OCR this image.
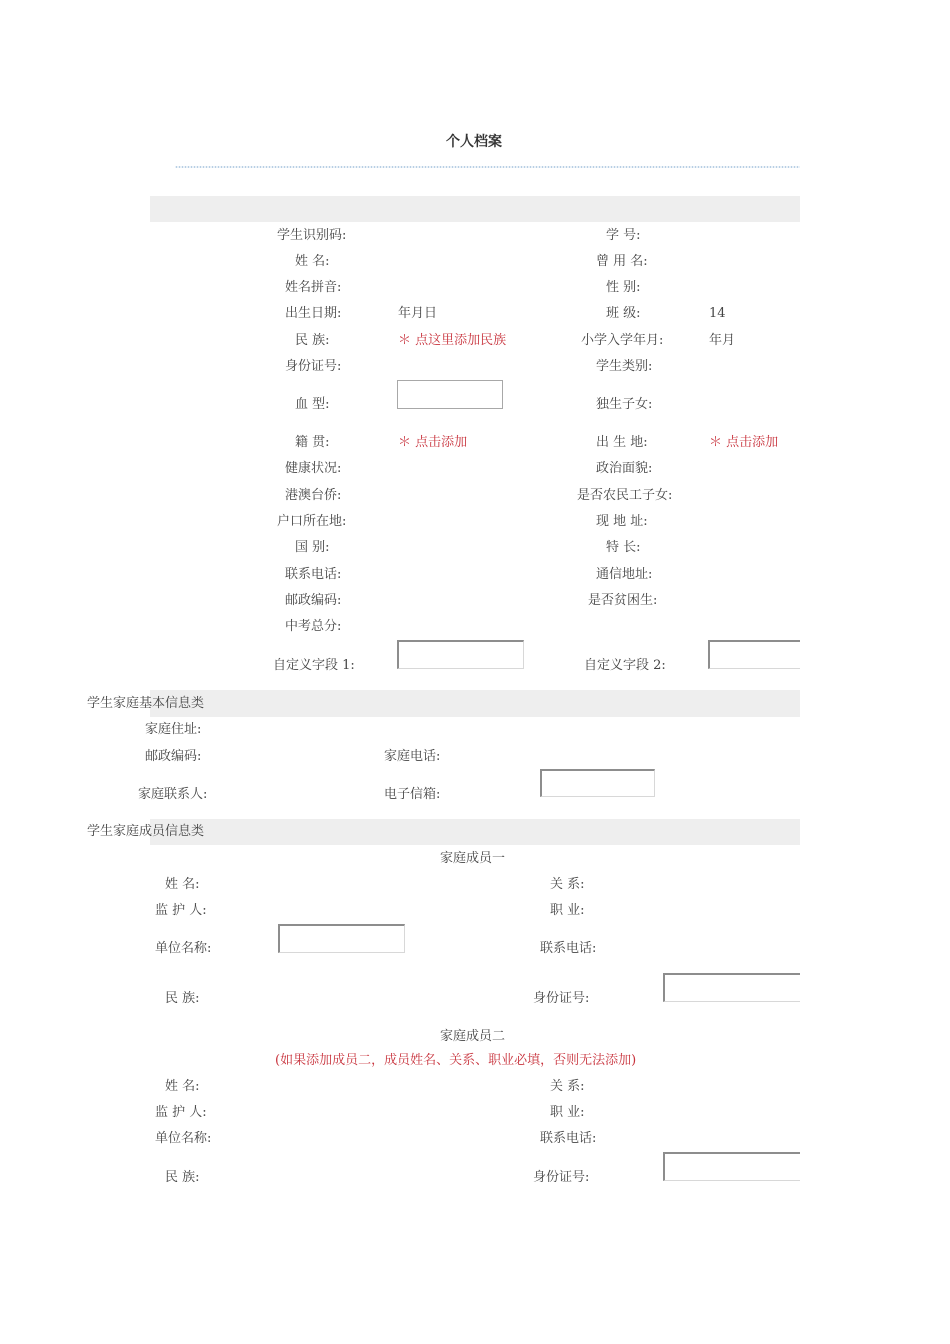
个人档案
学生识别码:	学 号:
姓 名:	曾 用 名:
姓名拼音:	性 别:
出生日期:	年月日	班 级:	14
民 族:	＊ 点这里添加民族	小学入学年月:	年月
身份证号:	学生类别:
血 型:	独生子女:
籍 贯:	＊ 点击添加	出 生 地:	＊ 点击添加
健康状况:	政治面貌:
港澳台侨:	是否农民工子女:
户口所在地:	现 地 址:
国 别:	特 长:
联系电话:	通信地址:
邮政编码:	是否贫困生:
中考总分:
自定义字段 1:	自定义字段 2:
学生家庭基本信息类
家庭住址:
邮政编码:	家庭电话:
家庭联系人:	电子信箱:
学生家庭成员信息类
家庭成员一
姓 名:	关 系:
监 护 人:	职 业:
单位名称:	联系电话:
民 族:	身份证号:
家庭成员二
(如果添加成员二，成员姓名、关系、职业必填，否则无法添加)
姓 名:	关 系:
监 护 人:	职 业:
单位名称:	联系电话:
民 族:	身份证号:
